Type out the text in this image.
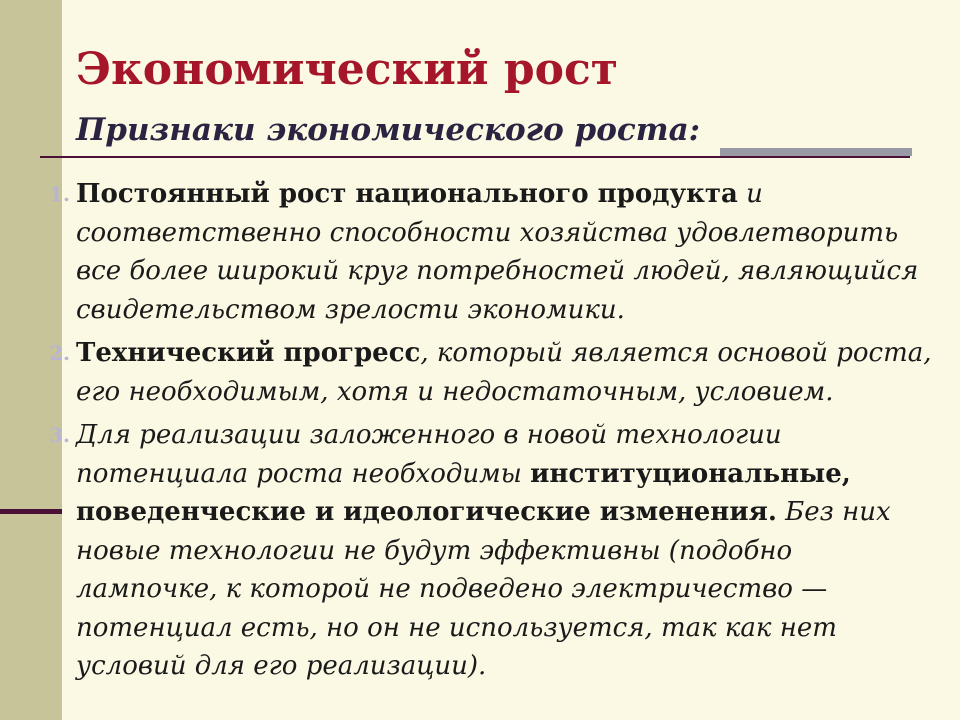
Экономический рост
Признаки экономического роста:
1. Постоянный рост национального продукта и соответственно способности хозяйства удовлетворить все более широкий круг потребностей людей, являющийся свидетельством зрелости экономики.
2. Технический прогресс, который является основой роста, его необходимым, хотя и недостаточным, условием.
3. Для реализации заложенного в новой технологии потенциала роста необходимы институциональные, поведенческие и идеологические изменения. Без них новые технологии не будут эффективны (подобно лампочке, к которой не подведено электричество — потенциал есть, но он не используется, так как нет условий для его реализации).
